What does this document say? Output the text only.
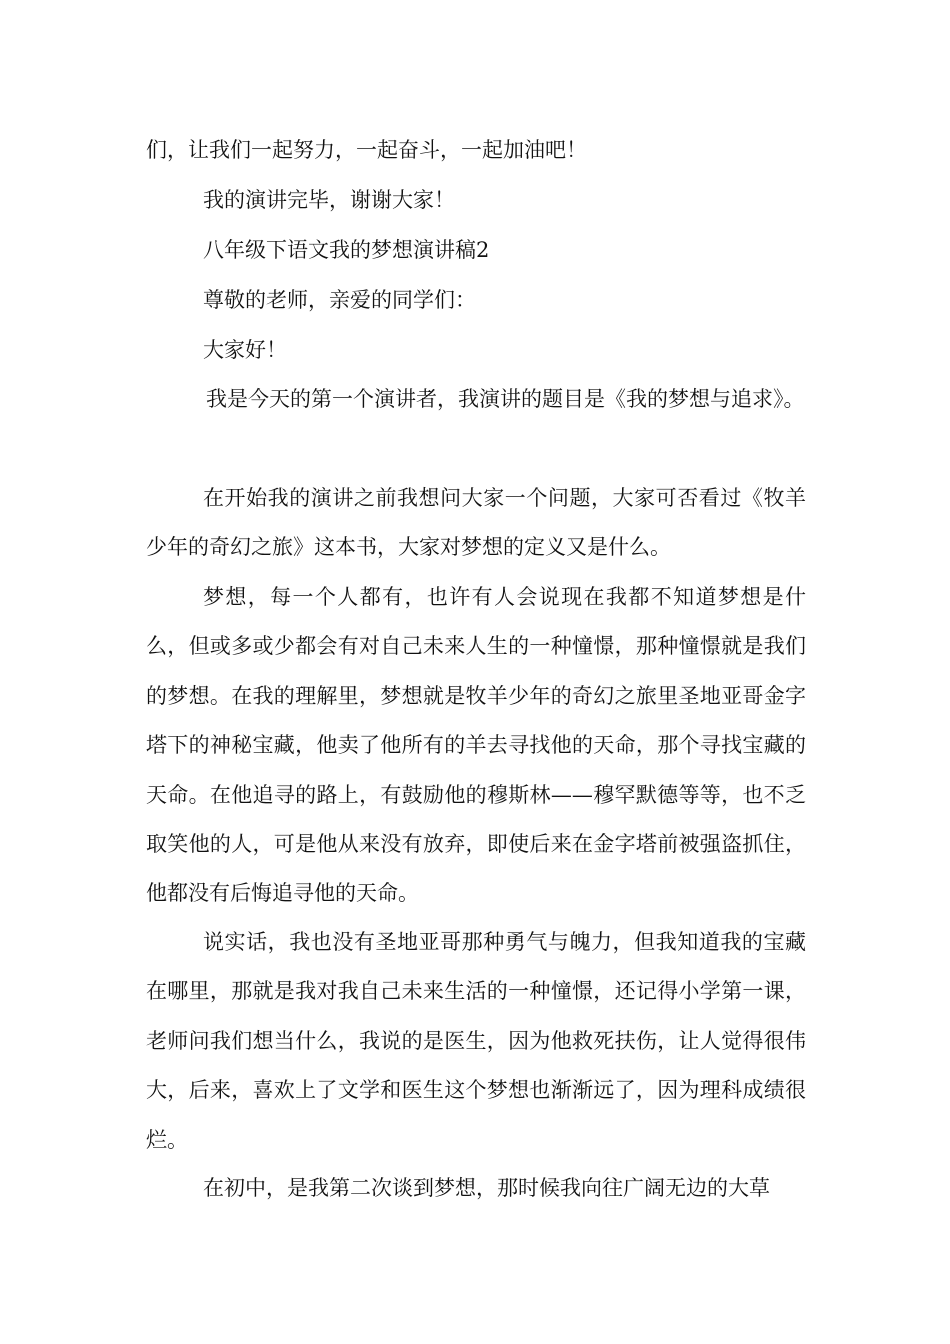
们，让我们一起努力，一起奋斗，一起加油吧！

我的演讲完毕，谢谢大家！

八年级下语文我的梦想演讲稿2

尊敬的老师，亲爱的同学们：

大家好！

我是今天的第一个演讲者，我演讲的题目是《我的梦想与追求》。

在开始我的演讲之前我想问大家一个问题，大家可否看过《牧羊少年的奇幻之旅》这本书，大家对梦想的定义又是什么。

梦想，每一个人都有，也许有人会说现在我都不知道梦想是什么，但或多或少都会有对自己未来人生的一种憧憬，那种憧憬就是我们的梦想。在我的理解里，梦想就是牧羊少年的奇幻之旅里圣地亚哥金字塔下的神秘宝藏，他卖了他所有的羊去寻找他的天命，那个寻找宝藏的天命。在他追寻的路上，有鼓励他的穆斯林——穆罕默德等等，也不乏取笑他的人，可是他从来没有放弃，即使后来在金字塔前被强盗抓住，他都没有后悔追寻他的天命。

说实话，我也没有圣地亚哥那种勇气与魄力，但我知道我的宝藏在哪里，那就是我对我自己未来生活的一种憧憬，还记得小学第一课，老师问我们想当什么，我说的是医生，因为他救死扶伤，让人觉得很伟大，后来，喜欢上了文学和医生这个梦想也渐渐远了，因为理科成绩很烂。

在初中，是我第二次谈到梦想，那时候我向往广阔无边的大草
